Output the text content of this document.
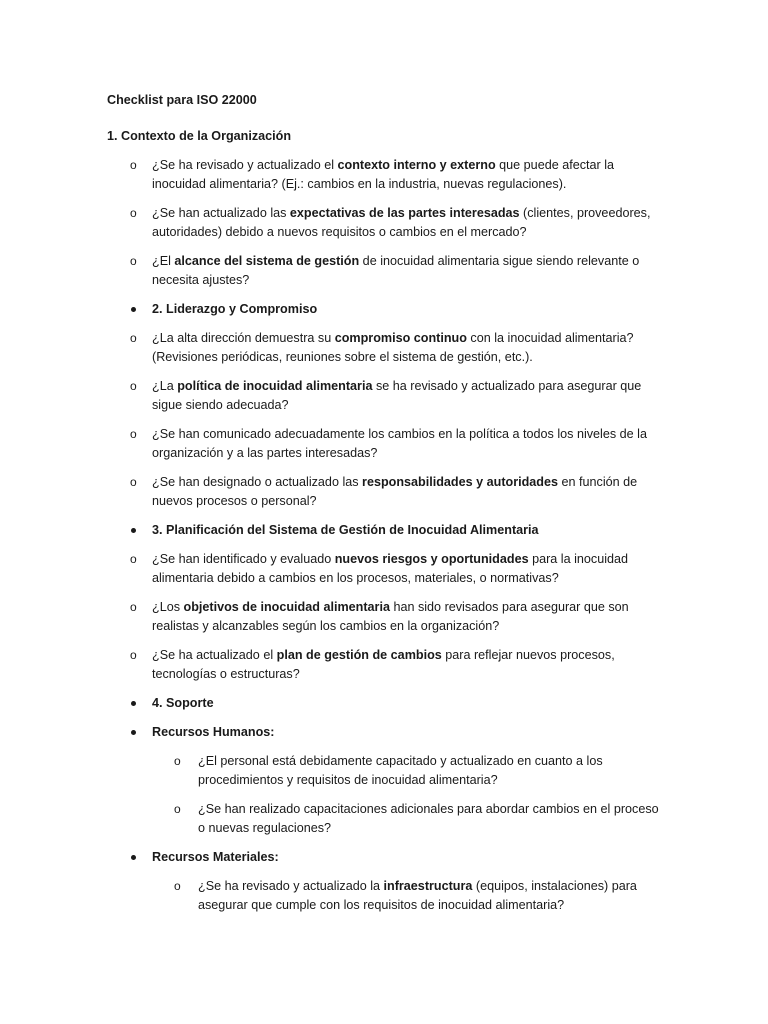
Checklist para ISO 22000
1. Contexto de la Organización
o ¿Se ha revisado y actualizado el contexto interno y externo que puede afectar la inocuidad alimentaria? (Ej.: cambios en la industria, nuevas regulaciones).
o ¿Se han actualizado las expectativas de las partes interesadas (clientes, proveedores, autoridades) debido a nuevos requisitos o cambios en el mercado?
o ¿El alcance del sistema de gestión de inocuidad alimentaria sigue siendo relevante o necesita ajustes?
2. Liderazgo y Compromiso
o ¿La alta dirección demuestra su compromiso continuo con la inocuidad alimentaria? (Revisiones periódicas, reuniones sobre el sistema de gestión, etc.).
o ¿La política de inocuidad alimentaria se ha revisado y actualizado para asegurar que sigue siendo adecuada?
o ¿Se han comunicado adecuadamente los cambios en la política a todos los niveles de la organización y a las partes interesadas?
o ¿Se han designado o actualizado las responsabilidades y autoridades en función de nuevos procesos o personal?
3. Planificación del Sistema de Gestión de Inocuidad Alimentaria
o ¿Se han identificado y evaluado nuevos riesgos y oportunidades para la inocuidad alimentaria debido a cambios en los procesos, materiales, o normativas?
o ¿Los objetivos de inocuidad alimentaria han sido revisados para asegurar que son realistas y alcanzables según los cambios en la organización?
o ¿Se ha actualizado el plan de gestión de cambios para reflejar nuevos procesos, tecnologías o estructuras?
4. Soporte
Recursos Humanos:
o ¿El personal está debidamente capacitado y actualizado en cuanto a los procedimientos y requisitos de inocuidad alimentaria?
o ¿Se han realizado capacitaciones adicionales para abordar cambios en el proceso o nuevas regulaciones?
Recursos Materiales:
o ¿Se ha revisado y actualizado la infraestructura (equipos, instalaciones) para asegurar que cumple con los requisitos de inocuidad alimentaria?
